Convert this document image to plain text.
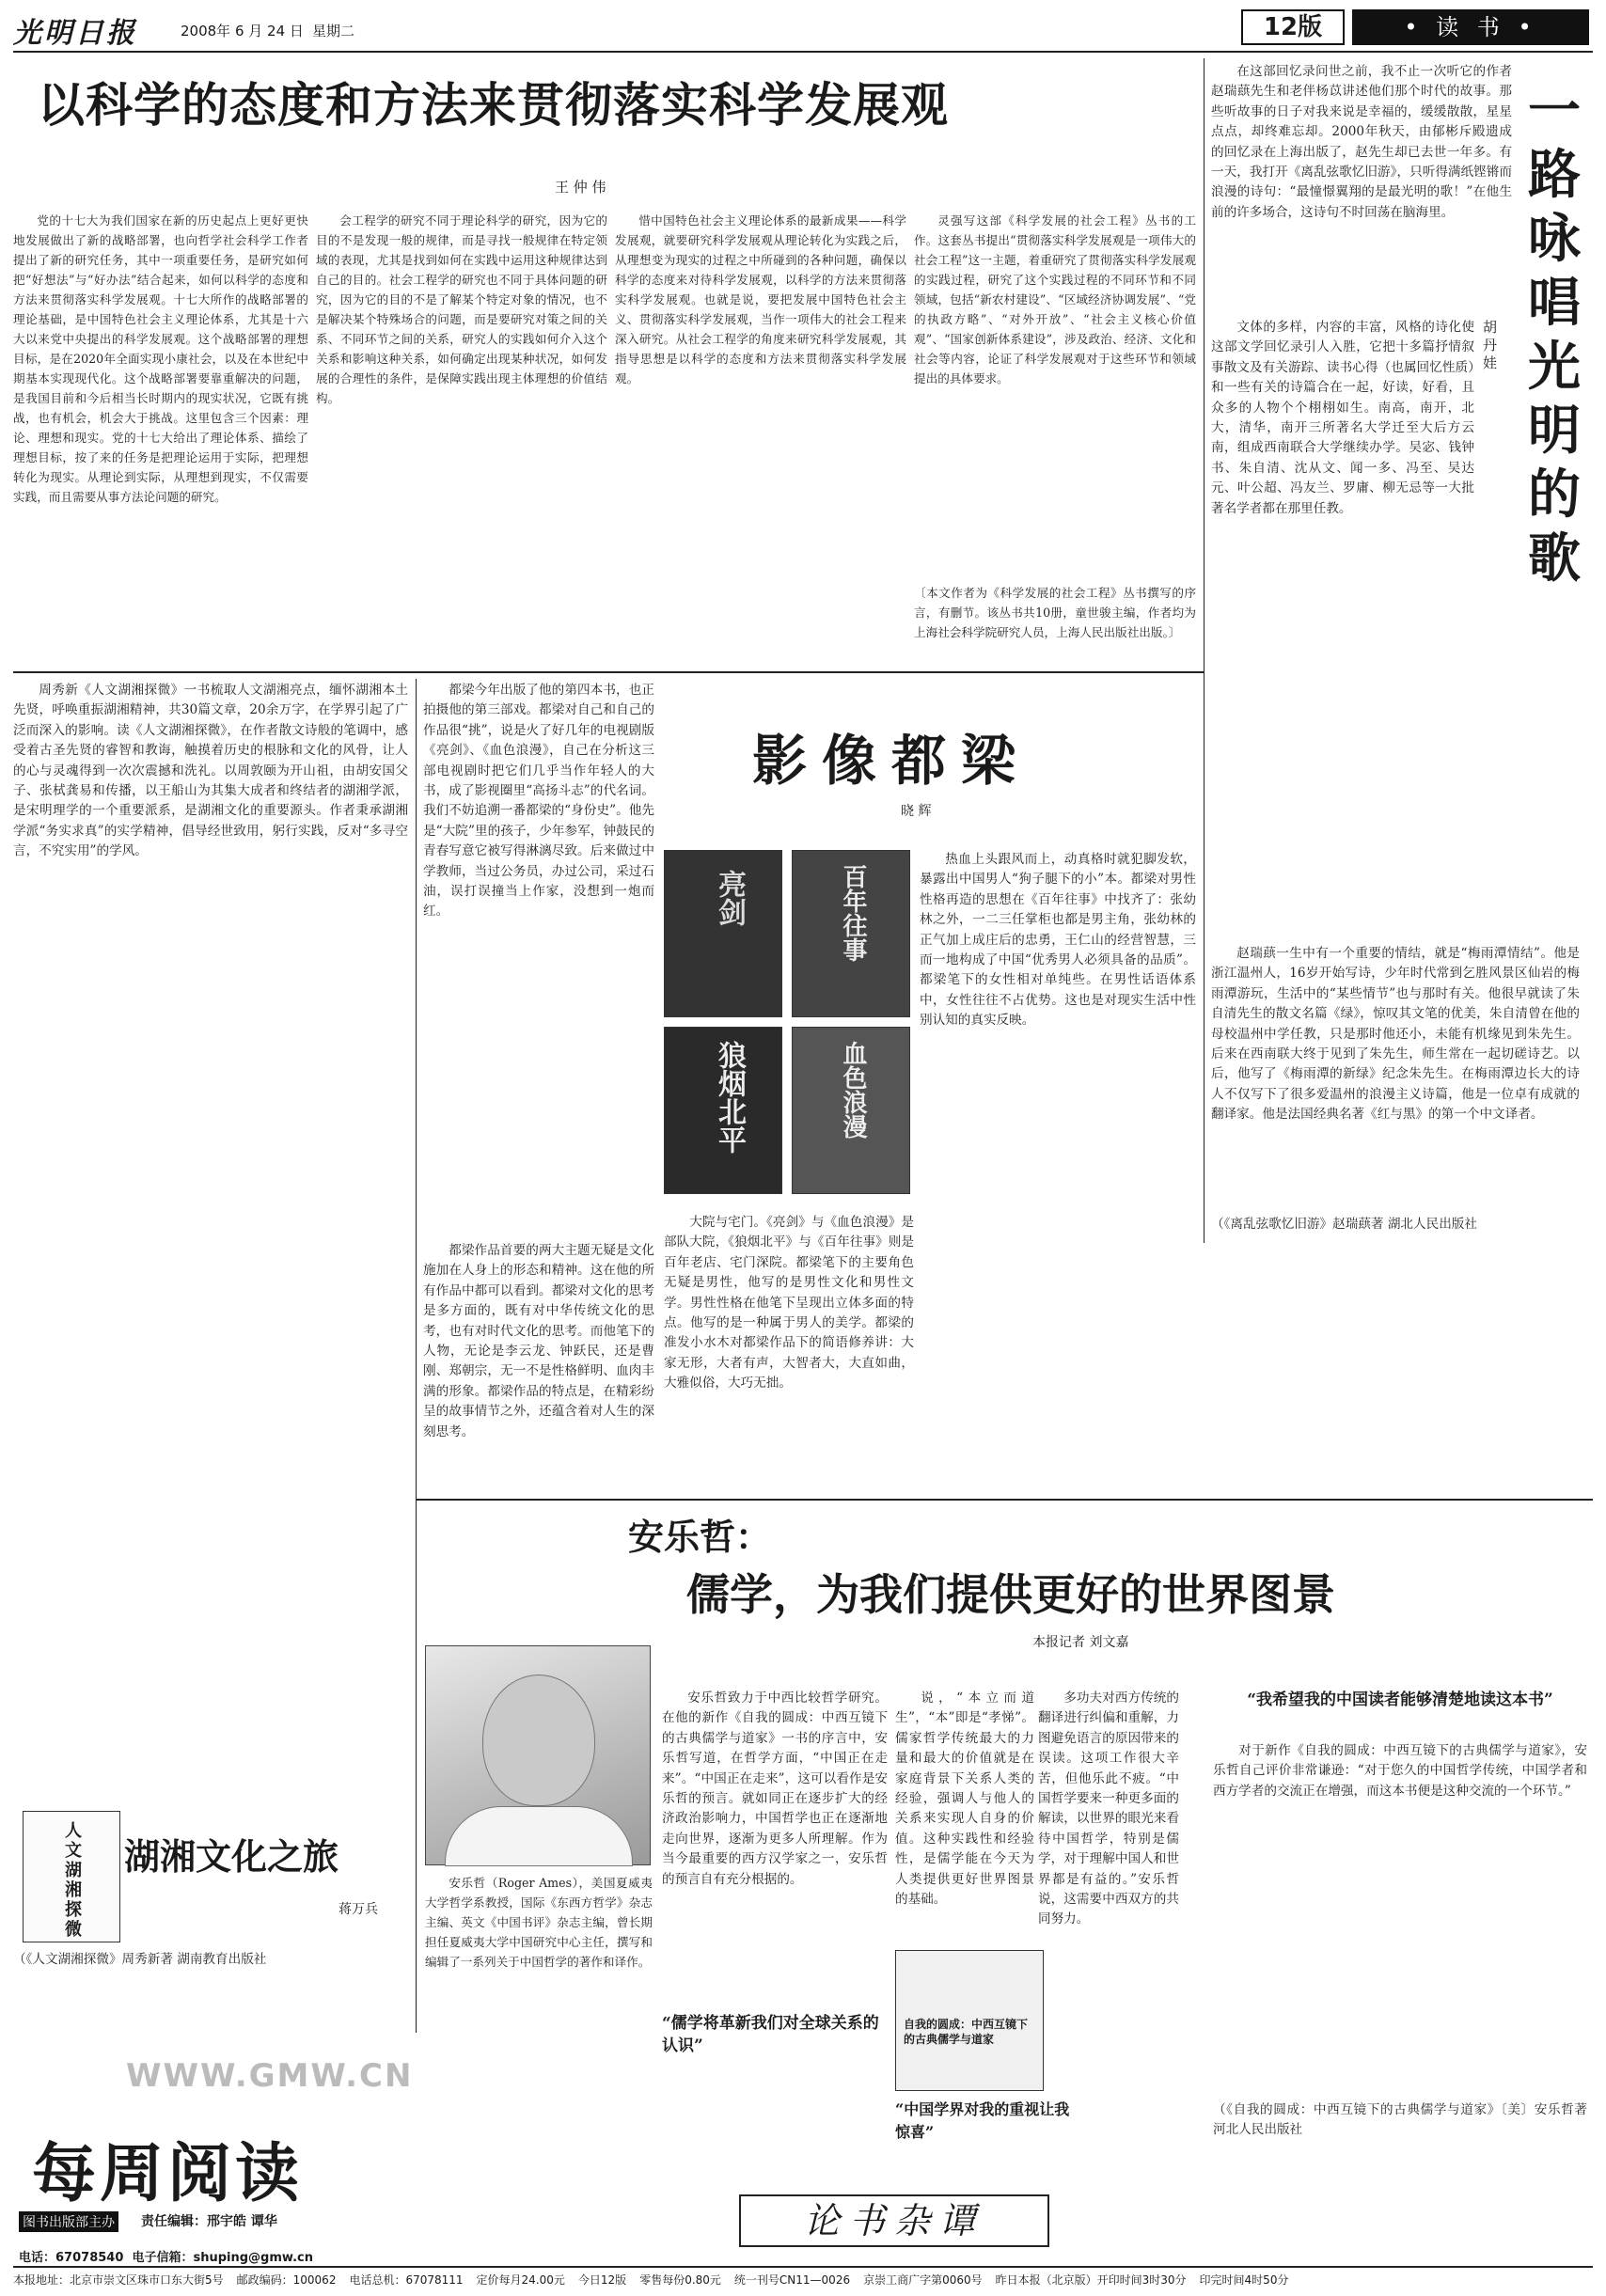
光明日报	2008年 6 月 24 日 星期二	12版	• 读 书 •
以科学的态度和方法来贯彻落实科学发展观
王 仲 伟
党的十七大为我们国家在新的历史起点上更好更快地发展做出了新的战略部署，也向哲学社会科学工作者提出了新的研究任务，其中一项重要任务，是研究如何把“好想法”与“好办法”结合起来，如何以科学的态度和方法来贯彻落实科学发展观。十七大所作的战略部署的理论基础，是中国特色社会主义理论体系，尤其是十六大以来党中央提出的科学发展观。这个战略部署的理想目标，是在2020年全面实现小康社会，以及在本世纪中期基本实现现代化。这个战略部署要靠重解决的问题，是我国目前和今后相当长时期内的现实状况，它既有挑战，也有机会，机会大于挑战。这里包含三个因素：理论、理想和现实。党的十七大给出了理论体系、描绘了理想目标，按了来的任务是把理论运用于实际，把理想转化为现实。从理论到实际，从理想到现实，不仅需要实践，而且需要从事方法论问题的研究。
会工程学的研究不同于理论科学的研究，因为它的目的不是发现一般的规律，而是寻找一般规律在特定领域的表现，尤其是找到如何在实践中运用这种规律达到自己的目的。社会工程学的研究也不同于具体问题的研究，因为它的目的不是了解某个特定对象的情况，也不是解决某个特殊场合的问题，而是要研究对策之间的关系、不同环节之间的关系，研究人的实践如何介入这个关系和影响这种关系，如何确定出现某种状况，如何发展的合理性的条件，是保障实践出现主体理想的价值结构。
惜中国特色社会主义理论体系的最新成果——科学发展观，就要研究科学发展观从理论转化为实践之后，从理想变为现实的过程之中所碰到的各种问题，确保以科学的态度来对待科学发展观，以科学的方法来贯彻落实科学发展观。也就是说，要把发展中国特色社会主义、贯彻落实科学发展观，当作一项伟大的社会工程来深入研究。从社会工程学的角度来研究科学发展观，其指导思想是以科学的态度和方法来贯彻落实科学发展观。
灵强写这部《科学发展的社会工程》丛书的工作。这套丛书提出“贯彻落实科学发展观是一项伟大的社会工程”这一主题，着重研究了贯彻落实科学发展观的实践过程，研究了这个实践过程的不同环节和不同领域，包括“新农村建设”、“区域经济协调发展”、“党的执政方略”、“对外开放”、“社会主义核心价值观”、“国家创新体系建设”，涉及政治、经济、文化和社会等内容，论证了科学发展观对于这些环节和领域提出的具体要求。
〔本文作者为《科学发展的社会工程》丛书撰写的序言，有删节。该丛书共10册，童世骏主编，作者均为上海社会科学院研究人员，上海人民出版社出版。〕
在这部回忆录问世之前，我不止一次听它的作者赵瑞蕻先生和老伴杨苡讲述他们那个时代的故事。那些听故事的日子对我来说是幸福的，缓缓散散，星星点点，却终难忘却。2000年秋天，由郁彬斥殿遗成的回忆录在上海出版了，赵先生却已去世一年多。有一天，我打开《离乱弦歌忆旧游》，只听得满纸铿锵而浪漫的诗句：“最憧憬翼翔的是最光明的歌！”在他生前的许多场合，这诗句不时回荡在脑海里。
一
路
咏
唱
光
明
的
歌
胡丹娃
文体的多样，内容的丰富，风格的诗化使这部文学回忆录引人入胜，它把十多篇抒情叙事散文及有关游踪、读书心得（也属回忆性质）和一些有关的诗篇合在一起，好读，好看，且众多的人物个个栩栩如生。南高，南开，北大，清华，南开三所著名大学迁至大后方云南，组成西南联合大学继续办学。吴宓、钱钟书、朱自清、沈从文、闻一多、冯至、吴达元、叶公超、冯友兰、罗庸、柳无忌等一大批著名学者都在那里任教。
赵瑞蕻一生中有一个重要的情结，就是“梅雨潭情结”。他是浙江温州人，16岁开始写诗，少年时代常到乞胜风景区仙岩的梅雨潭游玩，生活中的“某些情节”也与那时有关。他很早就读了朱自清先生的散文名篇《绿》，惊叹其文笔的优美，朱自清曾在他的母校温州中学任教，只是那时他还小，未能有机缘见到朱先生。后来在西南联大终于见到了朱先生，师生常在一起切磋诗艺。以后，他写了《梅雨潭的新绿》纪念朱先生。在梅雨潭边长大的诗人不仅写下了很多爱温州的浪漫主义诗篇，他是一位卓有成就的翻译家。他是法国经典名著《红与黑》的第一个中文译者。
（《离乱弦歌忆旧游》赵瑞蕻著 湖北人民出版社
周秀新《人文湖湘探微》一书梳取人文湖湘亮点，缅怀湖湘本土先贤，呼唤重振湖湘精神，共30篇文章，20余万字，在学界引起了广泛而深入的影响。读《人文湖湘探微》，在作者散文诗般的笔调中，感受着古圣先贤的睿智和教诲，触摸着历史的根脉和文化的风骨，让人的心与灵魂得到一次次震撼和洗礼。以周敦颐为开山祖，由胡安国父子、张栻龚易和传播，以王船山为其集大成者和终结者的湖湘学派，是宋明理学的一个重要派系，是湖湘文化的重要源头。作者秉承湖湘学派“务实求真”的实学精神，倡导经世致用，躬行实践，反对“多寻空言，不究实用”的学风。
人文湖湘探微 湖湘文化之旅
蒋万兵
（《人文湖湘探微》周秀新著 湖南教育出版社
都梁今年出版了他的第四本书，也正拍摄他的第三部戏。都梁对自己和自己的作品很“挑”，说是火了好几年的电视剧版《亮剑》、《血色浪漫》，自己在分析这三部电视剧时把它们几乎当作年轻人的大书，成了影视圈里“高扬斗志”的代名词。我们不妨追溯一番都梁的“身份史”。他先是“大院”里的孩子，少年参军，钟鼓民的青春写意它被写得淋漓尽致。后来做过中学教师，当过公务员，办过公司，采过石油，误打误撞当上作家，没想到一炮而红。
影像都梁
晓 辉
亮剑	百年往事
狼烟北平	血色浪漫
热血上头跟风而上，动真格时就犯脚发软，暴露出中国男人“狗子腿下的小”本。都梁对男性性格再造的思想在《百年往事》中找齐了：张幼林之外，一二三任掌柜也都是男主角，张幼林的正气加上成庄后的忠勇，王仁山的经营智慧，三而一地构成了中国“优秀男人必须具备的品质”。都梁笔下的女性相对单纯些。在男性话语体系中，女性往往不占优势。这也是对现实生活中性别认知的真实反映。
大院与宅门。《亮剑》与《血色浪漫》是部队大院，《狼烟北平》与《百年往事》则是百年老店、宅门深院。都梁笔下的主要角色无疑是男性，他写的是男性文化和男性文学。男性性格在他笔下呈现出立体多面的特点。他写的是一种属于男人的美学。都梁的准发小水木对都梁作品下的简语修养讲：大家无形，大者有声，大智者大，大直如曲，大雅似俗，大巧无拙。
都梁作品首要的两大主题无疑是文化施加在人身上的形态和精神。这在他的所有作品中都可以看到。都梁对文化的思考是多方面的，既有对中华传统文化的思考，也有对时代文化的思考。而他笔下的人物，无论是李云龙、钟跃民，还是曹刚、郑朝宗，无一不是性格鲜明、血肉丰满的形象。都梁作品的特点是，在精彩纷呈的故事情节之外，还蕴含着对人生的深刻思考。
安乐哲：
儒学，为我们提供更好的世界图景
本报记者 刘文嘉
安乐哲（Roger Ames），美国夏威夷大学哲学系教授，国际《东西方哲学》杂志主编、英文《中国书评》杂志主编，曾长期担任夏威夷大学中国研究中心主任，撰写和编辑了一系列关于中国哲学的著作和译作。
安乐哲致力于中西比较哲学研究。在他的新作《自我的圆成：中西互镜下的古典儒学与道家》一书的序言中，安乐哲写道，在哲学方面，“中国正在走来”。“中国正在走来”，这可以看作是安乐哲的预言。就如同正在逐步扩大的经济政治影响力，中国哲学也正在逐渐地走向世界，逐渐为更多人所理解。作为当今最重要的西方汉学家之一，安乐哲的预言自有充分根据的。
“儒学将革新我们对全球关系的认识”
说，“本立而道生”，“本”即是“孝悌”。儒家哲学传统最大的力量和最大的价值就是在家庭背景下关系人类的经验，强调人与他人的关系来实现人自身的价值。这种实践性和经验性，是儒学能在今天为人类提供更好世界图景的基础。
多功夫对西方传统的翻译进行纠偏和重解，力图避免语言的原因带来的误读。这项工作很大辛苦，但他乐此不疲。“中国哲学要来一种更多面的解读，以世界的眼光来看待中国哲学，特别是儒学，对于理解中国人和世界都是有益的。”安乐哲说，这需要中西双方的共同努力。
自我的圆成：中西互镜下的古典儒学与道家
“中国学界对我的重视让我惊喜”
“我希望我的中国读者能够清楚地读这本书”
对于新作《自我的圆成：中西互镜下的古典儒学与道家》，安乐哲自己评价非常谦逊：“对于您久的中国哲学传统，中国学者和西方学者的交流正在增强，而这本书便是这种交流的一个环节。”
（《自我的圆成：中西互镜下的古典儒学与道家》〔美〕安乐哲著 河北人民出版社
论书杂谭
WWW.GMW.CN
每周阅读
图书出版部主办 责任编辑：邢宇皓 谭华
电话：67078540 电子信箱：shuping@gmw.cn
本报地址：北京市崇文区珠市口东大街5号 邮政编码：100062 电话总机：67078111 定价每月24.00元 今日12版 零售每份0.80元 统一刊号CN11—0026 京崇工商广字第0060号 昨日本报（北京版）开印时间3时30分 印完时间4时50分
